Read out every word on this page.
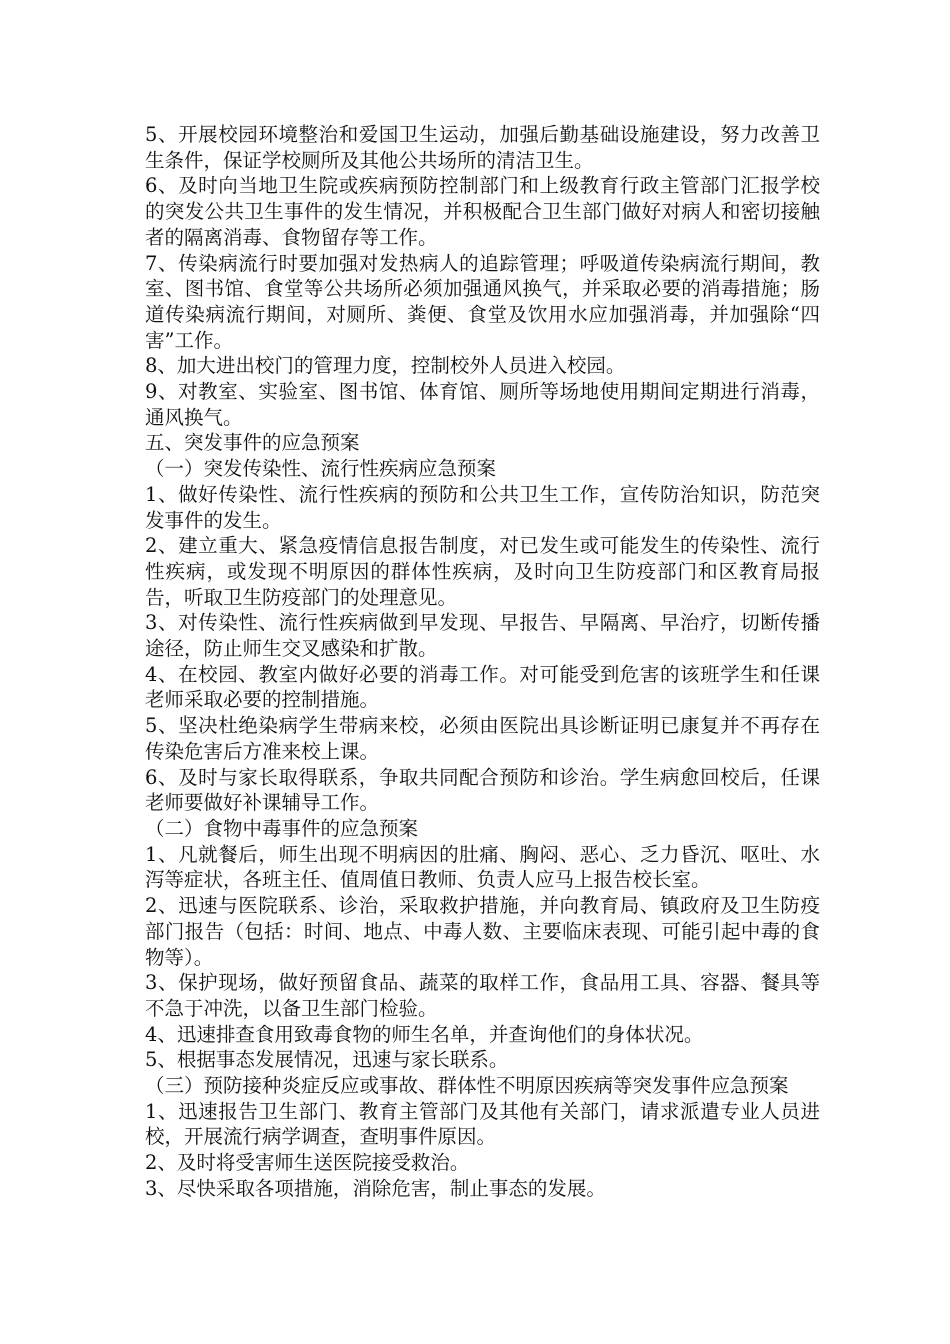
5、开展校园环境整治和爱国卫生运动，加强后勤基础设施建设，努力改善卫生条件，保证学校厕所及其他公共场所的清洁卫生。

6、及时向当地卫生院或疾病预防控制部门和上级教育行政主管部门汇报学校的突发公共卫生事件的发生情况，并积极配合卫生部门做好对病人和密切接触者的隔离消毒、食物留存等工作。

7、传染病流行时要加强对发热病人的追踪管理；呼吸道传染病流行期间，教室、图书馆、食堂等公共场所必须加强通风换气，并采取必要的消毒措施；肠道传染病流行期间，对厕所、粪便、食堂及饮用水应加强消毒，并加强除“四害”工作。

8、加大进出校门的管理力度，控制校外人员进入校园。

9、对教室、实验室、图书馆、体育馆、厕所等场地使用期间定期进行消毒，通风换气。

五、突发事件的应急预案

（一）突发传染性、流行性疾病应急预案

1、做好传染性、流行性疾病的预防和公共卫生工作，宣传防治知识，防范突发事件的发生。

2、建立重大、紧急疫情信息报告制度，对已发生或可能发生的传染性、流行性疾病，或发现不明原因的群体性疾病，及时向卫生防疫部门和区教育局报告，听取卫生防疫部门的处理意见。

3、对传染性、流行性疾病做到早发现、早报告、早隔离、早治疗，切断传播途径，防止师生交叉感染和扩散。

4、在校园、教室内做好必要的消毒工作。对可能受到危害的该班学生和任课老师采取必要的控制措施。

5、坚决杜绝染病学生带病来校，必须由医院出具诊断证明已康复并不再存在传染危害后方准来校上课。

6、及时与家长取得联系，争取共同配合预防和诊治。学生病愈回校后，任课老师要做好补课辅导工作。

（二）食物中毒事件的应急预案

1、凡就餐后，师生出现不明病因的肚痛、胸闷、恶心、乏力昏沉、呕吐、水泻等症状，各班主任、值周值日教师、负责人应马上报告校长室。

2、迅速与医院联系、诊治，采取救护措施，并向教育局、镇政府及卫生防疫部门报告（包括：时间、地点、中毒人数、主要临床表现、可能引起中毒的食物等）。

3、保护现场，做好预留食品、蔬菜的取样工作，食品用工具、容器、餐具等不急于冲洗，以备卫生部门检验。

4、迅速排查食用致毒食物的师生名单，并查询他们的身体状况。

5、根据事态发展情况，迅速与家长联系。

（三）预防接种炎症反应或事故、群体性不明原因疾病等突发事件应急预案

1、迅速报告卫生部门、教育主管部门及其他有关部门，请求派遣专业人员进校，开展流行病学调查，查明事件原因。

2、及时将受害师生送医院接受救治。

3、尽快采取各项措施，消除危害，制止事态的发展。
